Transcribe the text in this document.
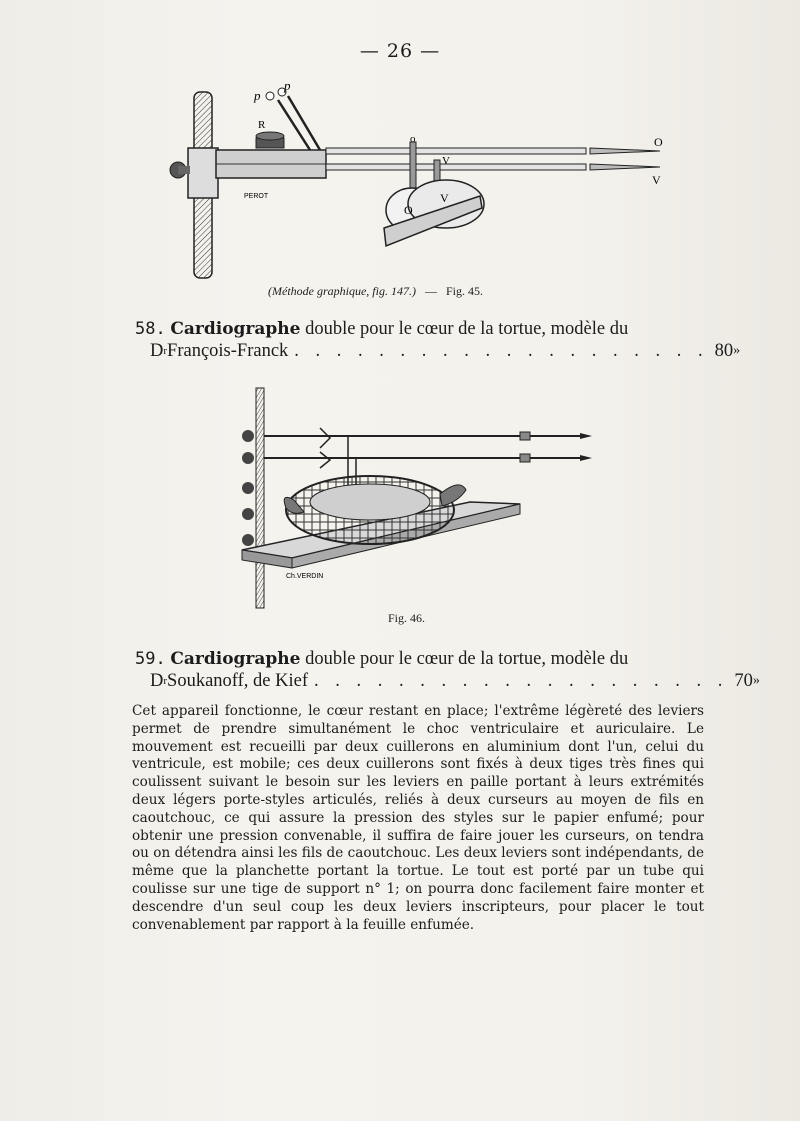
— 26 —
p
p
R
o
V
O
V
O
V
PEROT
(Méthode graphique, fig. 147.) — Fig. 45.
58. Cardiographe double pour le cœur de la tortue, modèle du
D r François-Franck . . . . . . . . . . . . . . . . . . . . 80 »
Ch.VERDIN
Fig. 46.
59. Cardiographe double pour le cœur de la tortue, modèle du
D r Soukanoff, de Kief . . . . . . . . . . . . . . . . . . . . 70 »
Cet appareil fonctionne, le cœur restant en place; l'extrême légèreté des leviers permet de prendre simultanément le choc ventriculaire et auriculaire. Le mouvement est recueilli par deux cuillerons en aluminium dont l'un, celui du ventricule, est mobile; ces deux cuillerons sont fixés à deux tiges très fines qui coulissent suivant le besoin sur les leviers en paille portant à leurs extrémités deux légers porte-styles articulés, reliés à deux curseurs au moyen de fils en caoutchouc, ce qui assure la pression des styles sur le papier enfumé; pour obtenir une pression convenable, il suffira de faire jouer les curseurs, on tendra ou on détendra ainsi les fils de caoutchouc. Les deux leviers sont indépendants, de même que la planchette portant la tortue. Le tout est porté par un tube qui coulisse sur une tige de support n° 1; on pourra donc facilement faire monter et descendre d'un seul coup les deux leviers inscripteurs, pour placer le tout convenablement par rapport à la feuille enfumée.
